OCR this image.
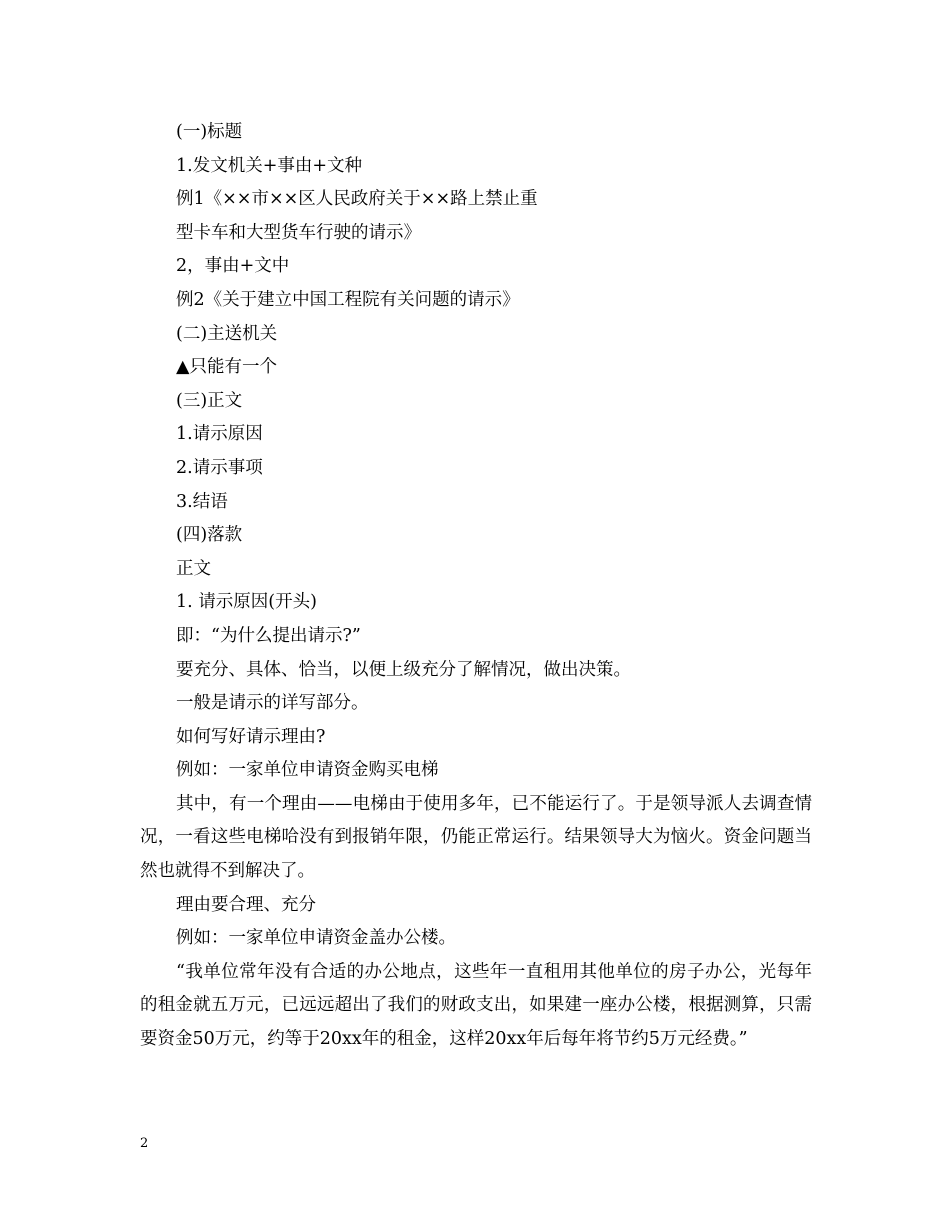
(一)标题
1.发文机关+事由+文种
例1《××市××区人民政府关于××路上禁止重
型卡车和大型货车行驶的请示》
2，事由+文中
例2《关于建立中国工程院有关问题的请示》
(二)主送机关
▲只能有一个
(三)正文
1.请示原因
2.请示事项
3.结语
(四)落款
正文
1. 请示原因(开头)
即：“为什么提出请示?”
要充分、具体、恰当，以便上级充分了解情况，做出决策。
一般是请示的详写部分。
如何写好请示理由?
例如：一家单位申请资金购买电梯

其中，有一个理由——电梯由于使用多年，已不能运行了。于是领导派人去调查情况，一看这些电梯哈没有到报销年限，仍能正常运行。结果领导大为恼火。资金问题当然也就得不到解决了。

理由要合理、充分
例如：一家单位申请资金盖办公楼。

“我单位常年没有合适的办公地点，这些年一直租用其他单位的房子办公，光每年的租金就五万元，已远远超出了我们的财政支出，如果建一座办公楼，根据测算，只需要资金50万元，约等于20xx年的租金，这样20xx年后每年将节约5万元经费。”

2
